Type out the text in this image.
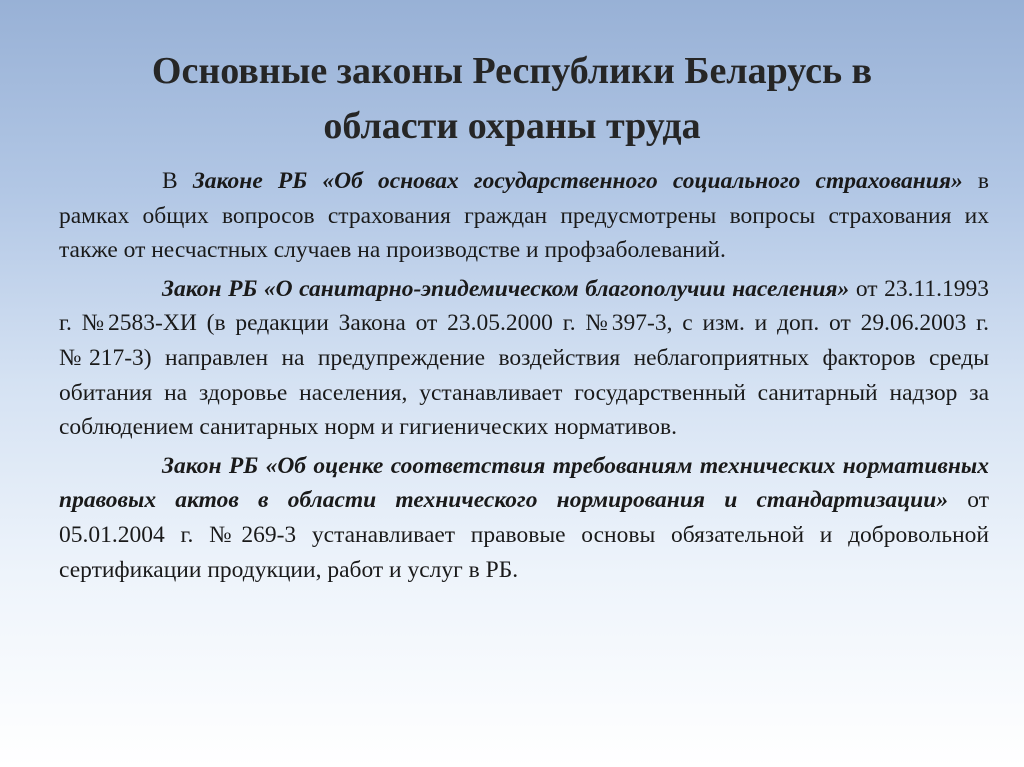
Основные законы Республики Беларусь в
области охраны труда

В Законе РБ «Об основах государственного социального страхования» в рамках общих вопросов страхования граждан предусмотрены вопросы страхования их также от несчастных случаев на производстве и профзаболеваний.

Закон РБ «О санитарно-эпидемическом благополучии населения» от 23.11.1993 г. №2583-XИ (в редакции Закона от 23.05.2000 г. №397-3, с изм. и доп. от 29.06.2003 г. №217-3) направлен на предупреждение воздействия неблагоприятных факторов среды обитания на здоровье населения, устанавливает государственный санитарный надзор за соблюдением санитарных норм и гигиенических нормативов.

Закон РБ «Об оценке соответствия требованиям технических нормативных правовых актов в области технического нормирования и стандартизации» от 05.01.2004 г. №269-3 устанавливает правовые основы обязательной и добровольной сертификации продукции, работ и услуг в РБ.
